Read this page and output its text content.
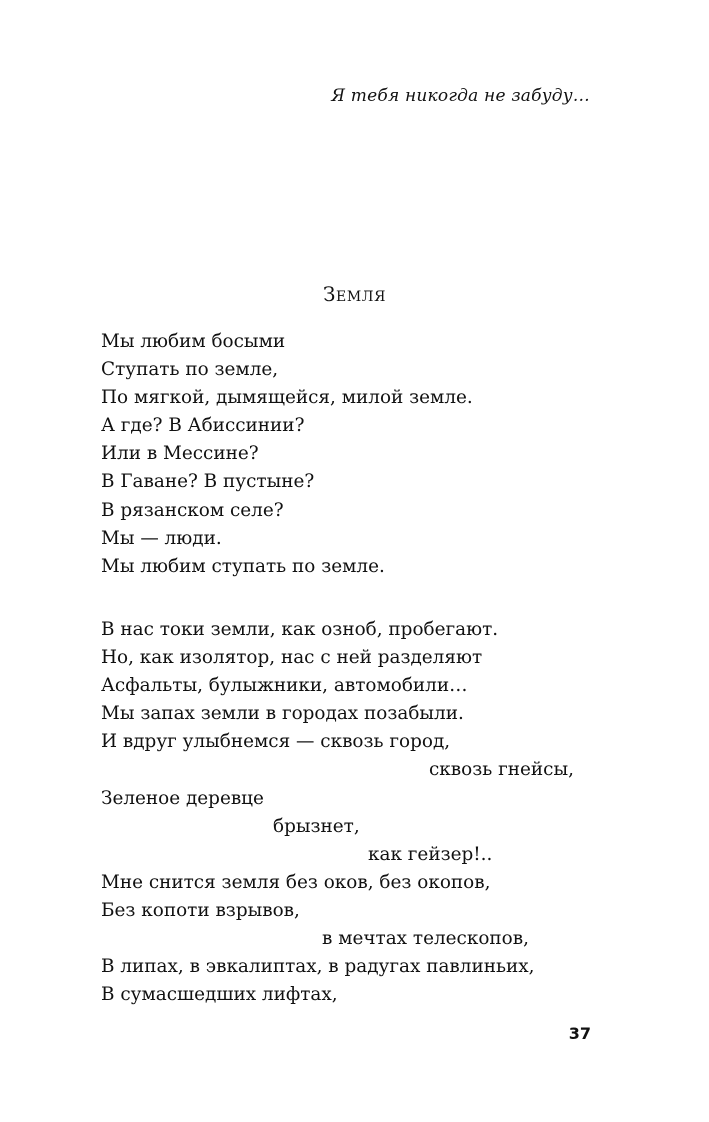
Я тебя никогда не забуду…
Земля
Мы любим босыми
Ступать по земле,
По мягкой, дымящейся, милой земле.
А где? В Абиссинии?
Или в Мессине?
В Гаване? В пустыне?
В рязанском селе?
Мы — люди.
Мы любим ступать по земле.
В нас токи земли, как озноб, пробегают.
Но, как изолятор, нас с ней разделяют
Асфальты, булыжники, автомобили…
Мы запах земли в городах позабыли.
И вдруг улыбнемся — сквозь город,
сквозь гнейсы,
Зеленое деревце
брызнет,
как гейзер!..
Мне снится земля без оков, без окопов,
Без копоти взрывов,
в мечтах телескопов,
В липах, в эвкалиптах, в радугах павлиньих,
В сумасшедших лифтах,
37
